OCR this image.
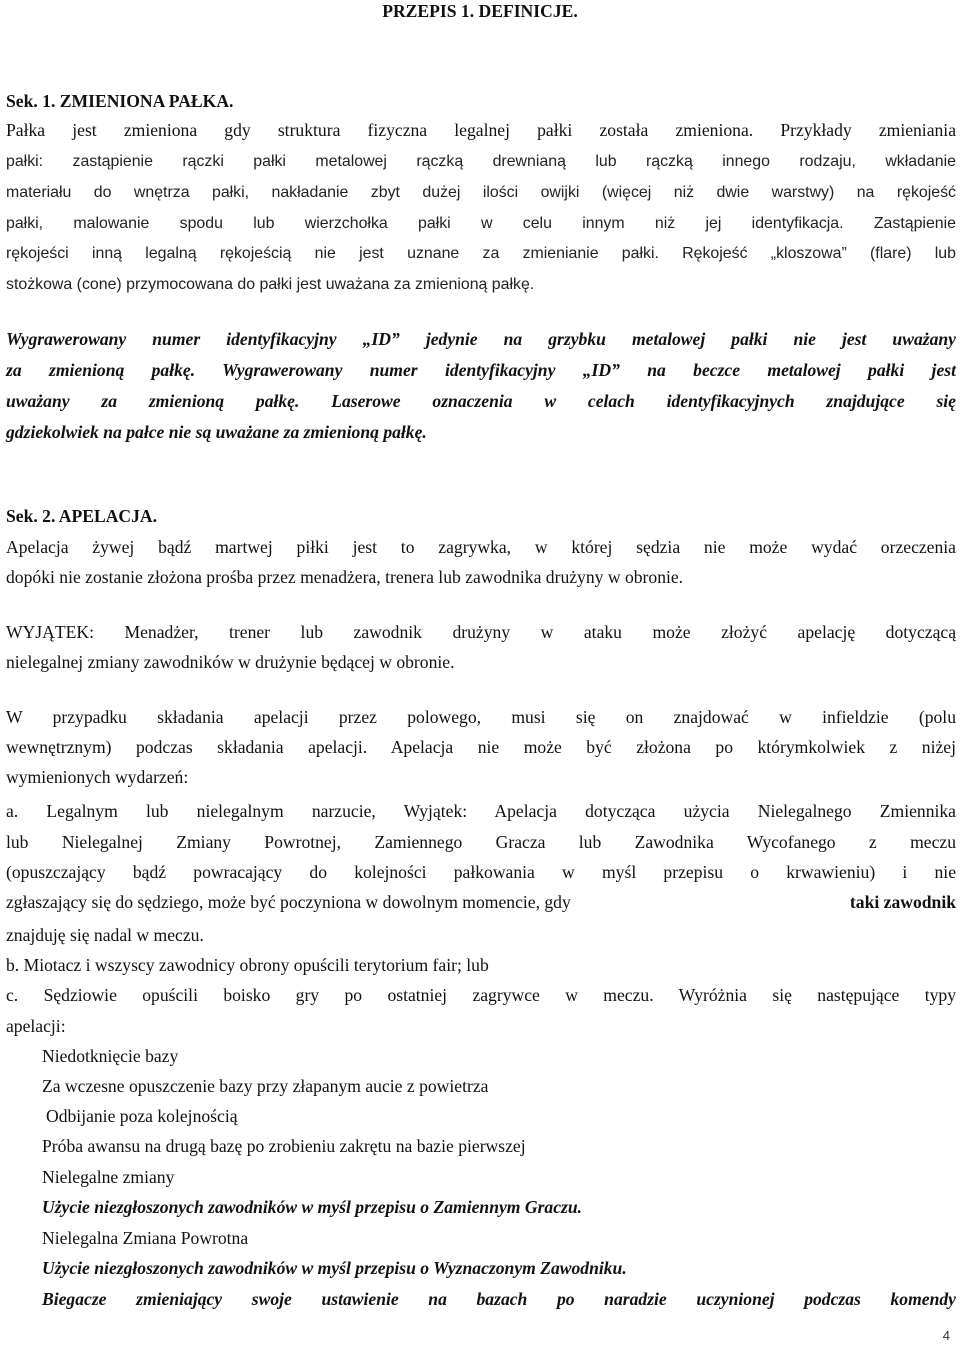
PRZEPIS 1. DEFINICJE.
Sek. 1. ZMIENIONA PAŁKA.
Pałka jest zmieniona gdy struktura fizyczna legalnej pałki została zmieniona. Przykłady zmieniania
pałki: zastąpienie rączki pałki metalowej rączką drewnianą lub rączką innego rodzaju, wkładanie
materiału do wnętrza pałki, nakładanie zbyt dużej ilości owijki (więcej niż dwie warstwy) na rękojeść
pałki, malowanie spodu lub wierzchołka pałki w celu innym niż jej identyfikacja. Zastąpienie
rękojeści inną legalną rękojeścią nie jest uznane za zmienianie pałki. Rękojeść „kloszowa” (flare) lub
stożkowa (cone) przymocowana do pałki jest uważana za zmienioną pałkę.
Wygrawerowany numer identyfikacyjny „ID” jedynie na grzybku metalowej pałki nie jest uważany
za zmienioną pałkę. Wygrawerowany numer identyfikacyjny „ID” na beczce metalowej pałki jest
uważany za zmienioną pałkę. Laserowe oznaczenia w celach identyfikacyjnych znajdujące się
gdziekolwiek na pałce nie są uważane za zmienioną pałkę.
Sek. 2. APELACJA.
Apelacja żywej bądź martwej piłki jest to zagrywka, w której sędzia nie może wydać orzeczenia
dopóki nie zostanie złożona prośba przez menadżera, trenera lub zawodnika drużyny w obronie.
WYJĄTEK: Menadżer, trener lub zawodnik drużyny w ataku może złożyć apelację dotyczącą
nielegalnej zmiany zawodników w drużynie będącej w obronie.
W przypadku składania apelacji przez polowego, musi się on znajdować w infieldzie (polu
wewnętrznym) podczas składania apelacji. Apelacja nie może być złożona po którymkolwiek z niżej
wymienionych wydarzeń:
a. Legalnym lub nielegalnym narzucie, Wyjątek: Apelacja dotycząca użycia Nielegalnego Zmiennika
lub Nielegalnej Zmiany Powrotnej, Zamiennego Gracza lub Zawodnika Wycofanego z meczu
(opuszczający bądź powracający do kolejności pałkowania w myśl przepisu o krwawieniu) i nie
zgłaszający się do sędziego, może być poczyniona w dowolnym momencie, gdy	taki zawodnik
znajduję się nadal w meczu.
b. Miotacz i wszyscy zawodnicy obrony opuścili terytorium fair; lub
c. Sędziowie opuścili boisko gry po ostatniej zagrywce w meczu. Wyróżnia się następujące typy
apelacji:
Niedotknięcie bazy
Za wczesne opuszczenie bazy przy złapanym aucie z powietrza
Odbijanie poza kolejnością
Próba awansu na drugą bazę po zrobieniu zakrętu na bazie pierwszej
Nielegalne zmiany
Użycie niezgłoszonych zawodników w myśl przepisu o Zamiennym Graczu.
Nielegalna Zmiana Powrotna
Użycie niezgłoszonych zawodników w myśl przepisu o Wyznaczonym Zawodniku.
Biegacze zmieniający swoje ustawienie na bazach po naradzie uczynionej podczas komendy
4
